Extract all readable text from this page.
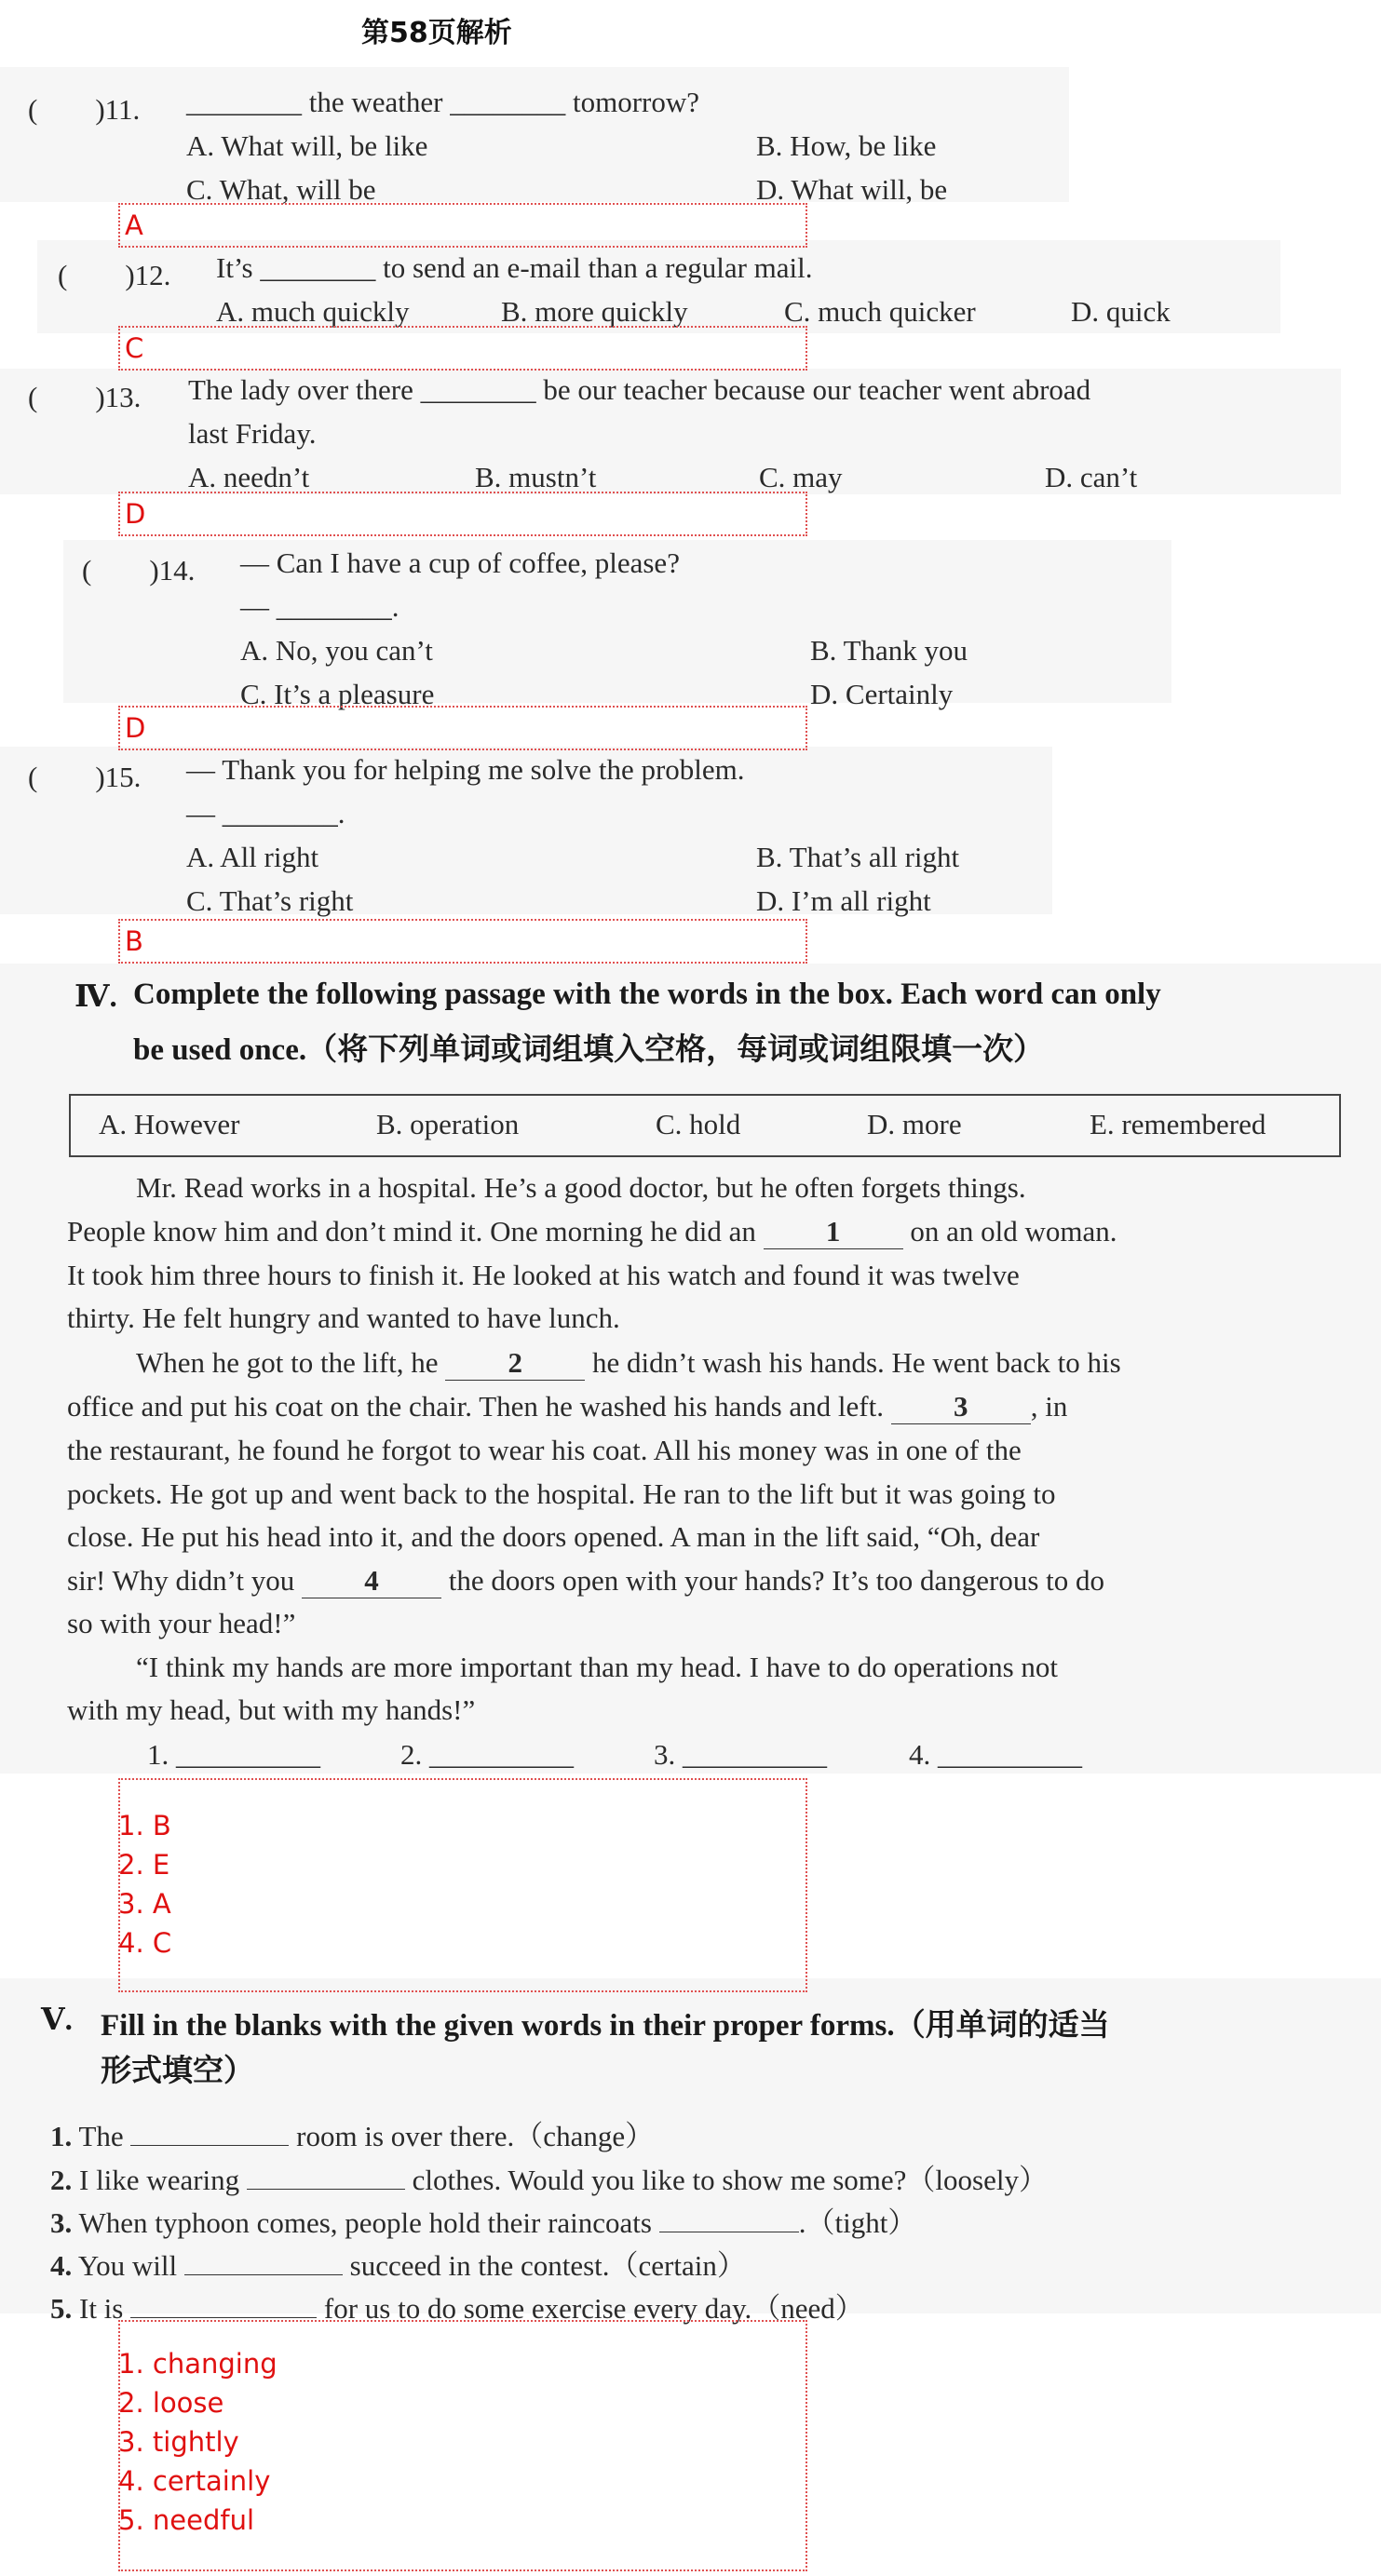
第58页解析
(　　)11. ________ the weather ________ tomorrow?
A. What will, be like	B. How, be like
C. What, will be	D. What will, be
A
(　　)12. It’s ________ to send an e-mail than a regular mail.
A. much quickly	B. more quickly	C. much quicker	D. quick
C
(　　)13. The lady over there ________ be our teacher because our teacher went abroad
last Friday.
A. needn’t	B. mustn’t	C. may	D. can’t
D
(　　)14. — Can I have a cup of coffee, please?
— ________.
A. No, you can’t	B. Thank you
C. It’s a pleasure	D. Certainly
D
(　　)15. — Thank you for helping me solve the problem.
— ________.
A. All right	B. That’s all right
C. That’s right	D. I’m all right
B
Ⅳ. Complete the following passage with the words in the box. Each word can only
be used once.（将下列单词或词组填入空格，每词或词组限填一次）
A. However	B. operation	C. hold	D. more	E. remembered
Mr. Read works in a hospital. He’s a good doctor, but he often forgets things.
People know him and don’t mind it. One morning he did an 1 on an old woman.
It took him three hours to finish it. He looked at his watch and found it was twelve
thirty. He felt hungry and wanted to have lunch.
When he got to the lift, he 2 he didn’t wash his hands. He went back to his
office and put his coat on the chair. Then he washed his hands and left. 3 , in
the restaurant, he found he forgot to wear his coat. All his money was in one of the
pockets. He got up and went back to the hospital. He ran to the lift but it was going to
close. He put his head into it, and the doors opened. A man in the lift said, “Oh, dear
sir! Why didn’t you 4 the doors open with your hands? It’s too dangerous to do
so with your head!”
“I think my hands are more important than my head. I have to do operations not
with my head, but with my hands!”
1. __________	2. __________	3. __________	4. __________
1. B
2. E
3. A
4. C
Ⅴ. Fill in the blanks with the given words in their proper forms.（用单词的适当
形式填空）
1. The	room is over there.（change）
2. I like wearing	clothes. Would you like to show me some?（loosely）
3. When typhoon comes, people hold their raincoats	.（tight）
4. You will	succeed in the contest.（certain）
5. It is	for us to do some exercise every day.（need）
1. changing
2. loose
3. tightly
4. certainly
5. needful
